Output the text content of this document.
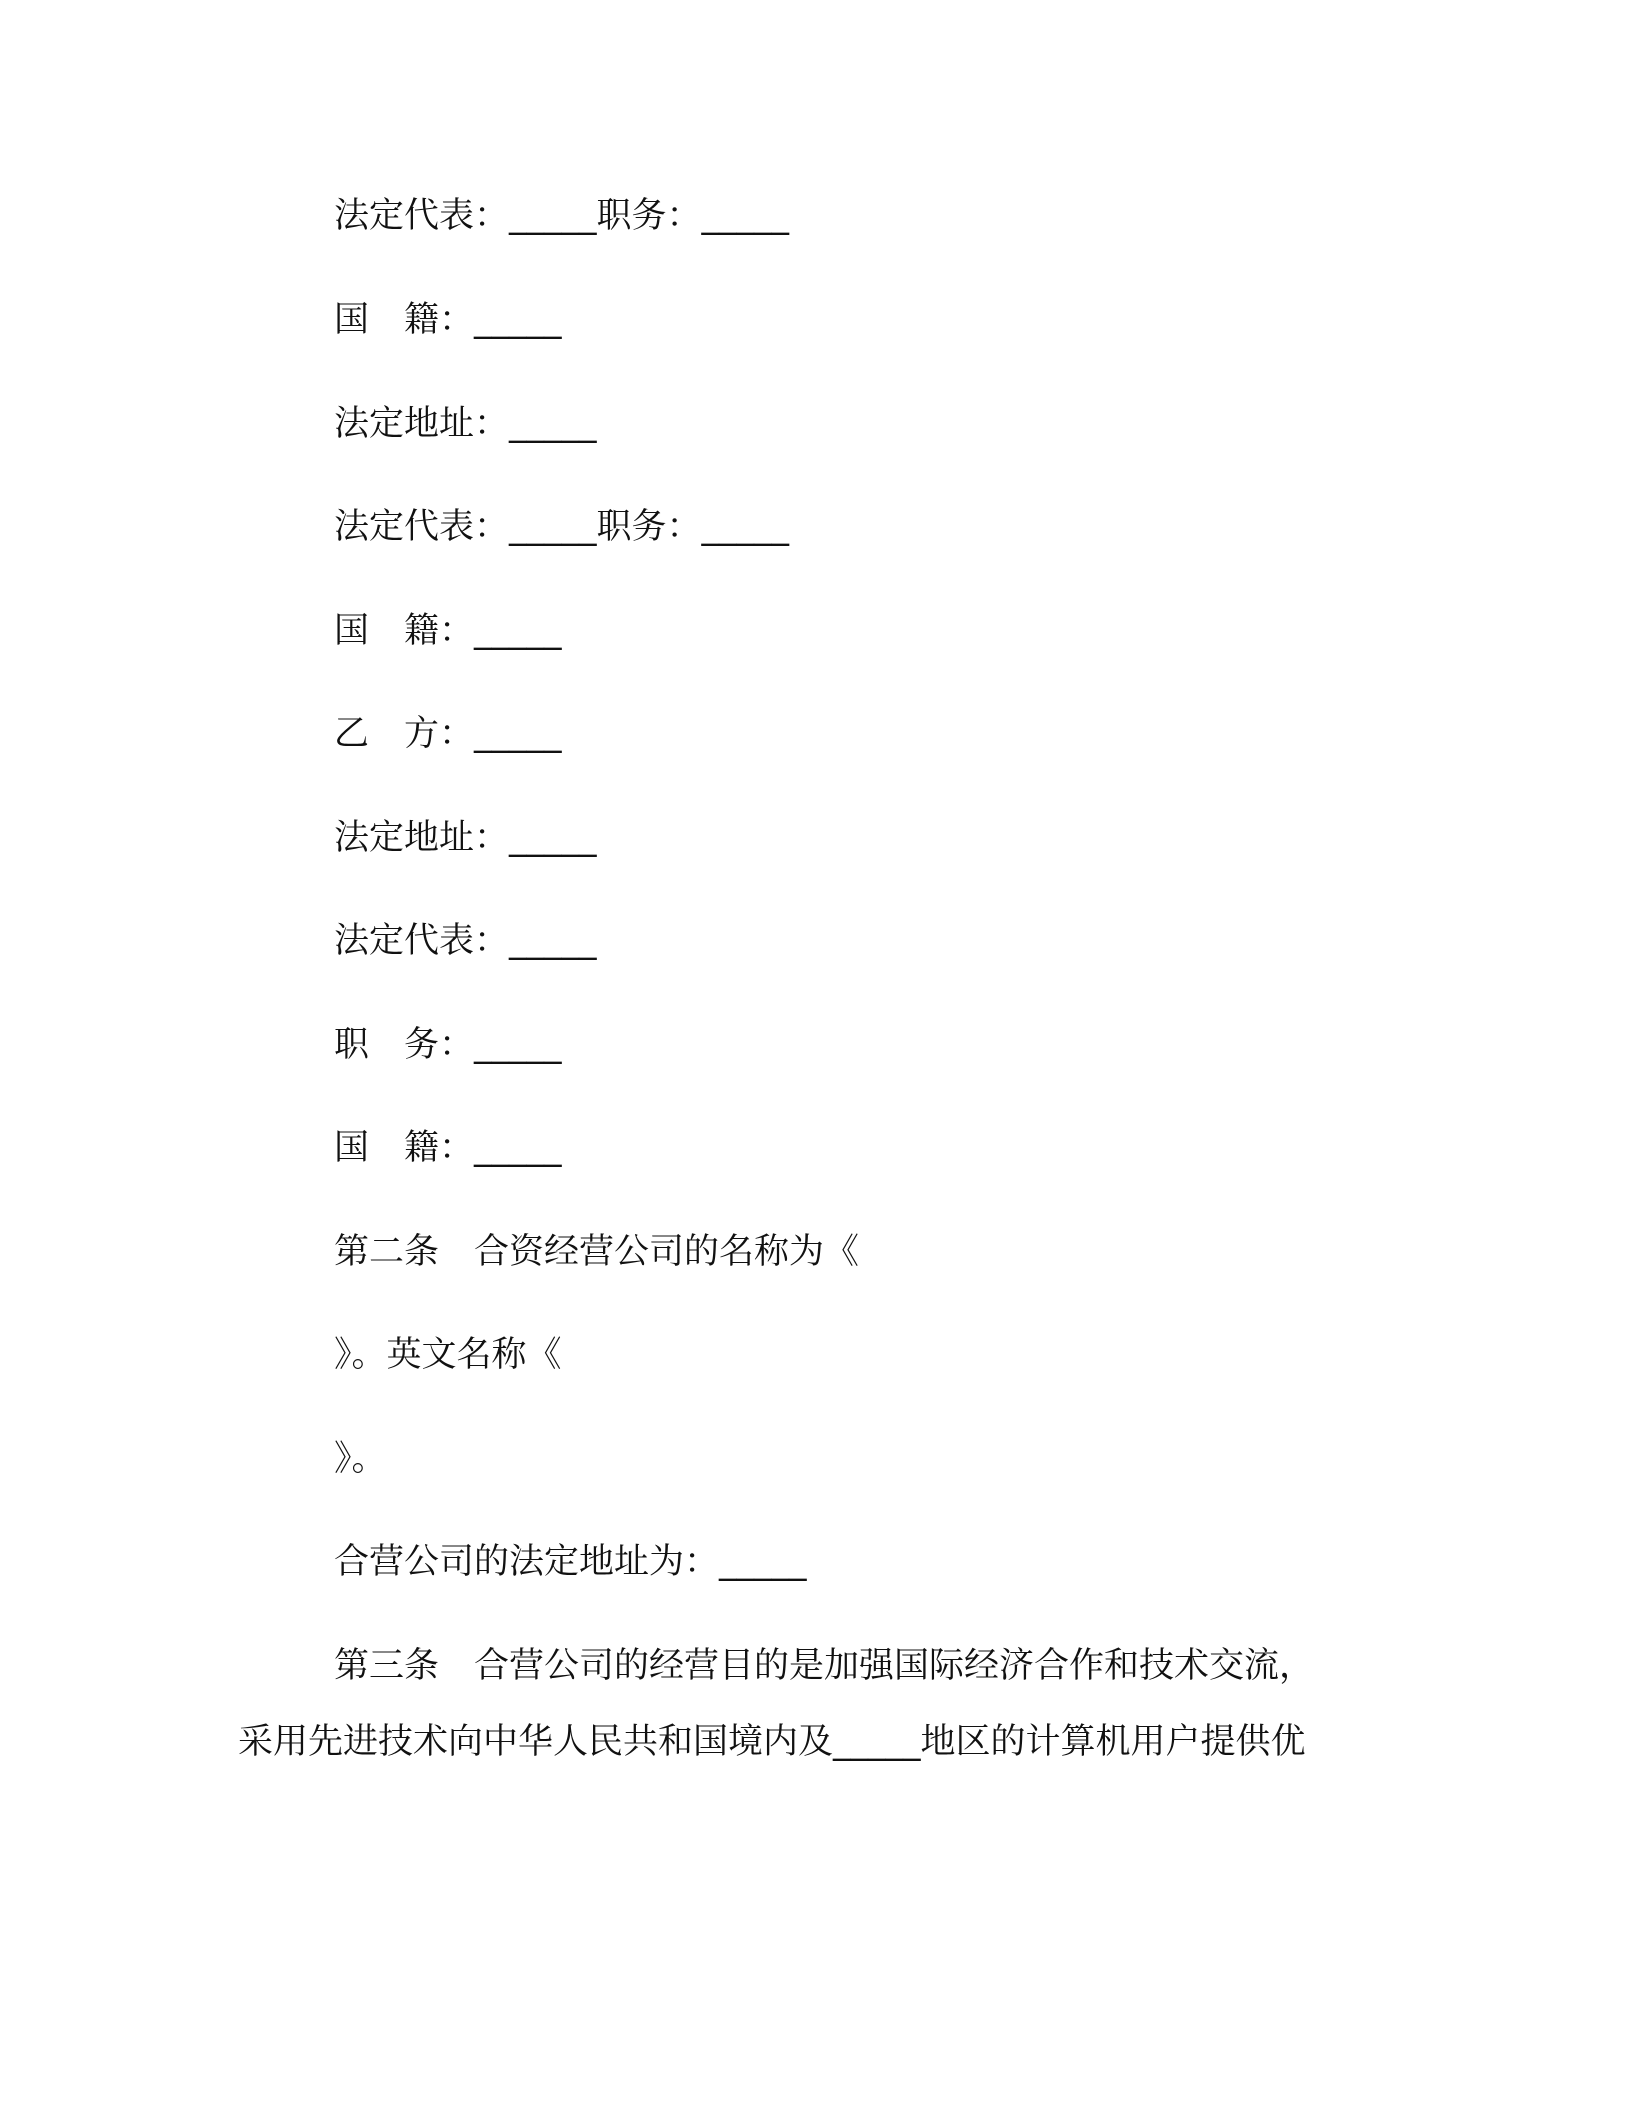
法定代表：_____职务：_____
国　籍：_____
法定地址：_____
法定代表：_____职务：_____
国　籍：_____
乙　方：_____
法定地址：_____
法定代表：_____
职　务：_____
国　籍：_____
第二条　合资经营公司的名称为《
》。英文名称《
》。
合营公司的法定地址为：_____
第三条　合营公司的经营目的是加强国际经济合作和技术交流，
采用先进技术向中华人民共和国境内及_____地区的计算机用户提供优
